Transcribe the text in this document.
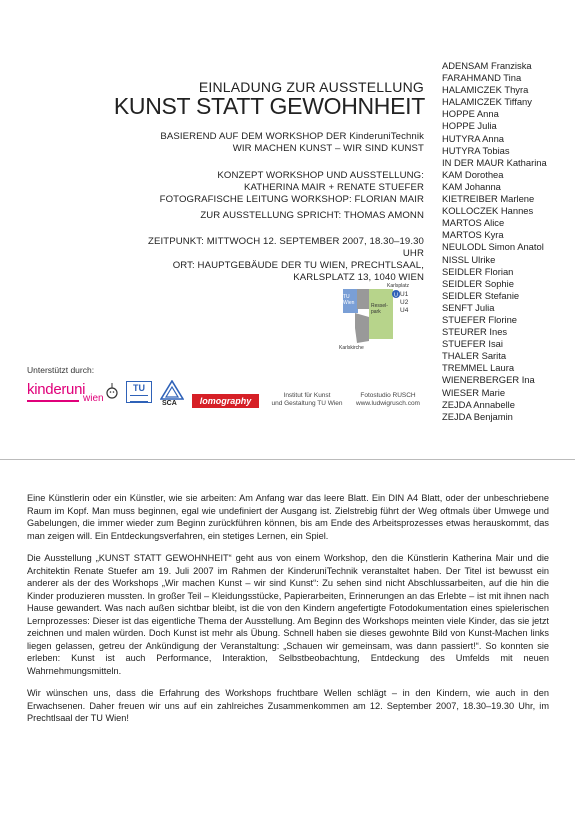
EINLADUNG ZUR AUSSTELLUNG
KUNST STATT GEWOHNHEIT
BASIEREND AUF DEM WORKSHOP DER KinderuniTechnik
WIR MACHEN KUNST – WIR SIND KUNST
KONZEPT WORKSHOP UND AUSSTELLUNG:
KATHERINA MAIR + RENATE STUEFER
FOTOGRAFISCHE LEITUNG WORKSHOP: FLORIAN MAIR
ZUR AUSSTELLUNG SPRICHT: THOMAS AMONN
ZEITPUNKT: MITTWOCH 12. SEPTEMBER 2007, 18.30–19.30 UHR
ORT: HAUPTGEBÄUDE DER TU WIEN, PRECHTLSAAL,
KARLSPLATZ 13, 1040 WIEN
U
Karlsplatz
TU Wien	Ressel-park
U1
U2
U4
Karlskirche
ADENSAM Franziska
FARAHMAND Tina
HALAMICZEK Thyra
HALAMICZEK Tiffany
HOPPE Anna
HOPPE Julia
HUTYRA Anna
HUTYRA Tobias
IN DER MAUR Katharina
KAM Dorothea
KAM Johanna
KIETREIBER Marlene
KOLLOCZEK Hannes
MARTOS Alice
MARTOS Kyra
NEULODL Simon Anatol
NISSL Ulrike
SEIDLER Florian
SEIDLER Sophie
SEIDLER Stefanie
SENFT Julia
STUEFER Florine
STEURER Ines
STUEFER Isai
THALER Sarita
TREMMEL Laura
WIENERBERGER Ina
WIESER Marie
ZEJDA Annabelle
ZEJDA Benjamin
Unterstützt durch:
kinderuni
wien
TU
SCA	lomography
Institut für Kunst
und Gestaltung TU Wien
Fotostudio RUSCH
www.ludwigrusch.com

Eine Künstlerin oder ein Künstler, wie sie arbeiten: Am Anfang war das leere Blatt. Ein DIN A4 Blatt, oder der unbeschriebene Raum im Kopf. Man muss beginnen, egal wie undefiniert der Ausgang ist. Zielstrebig führt der Weg oftmals über Umwege und Gabelungen, die immer wieder zum Beginn zurückführen können, bis am Ende des Arbeitsprozesses etwas herauskommt, das man zeigen will. Ein Entdeckungsverfahren, ein stetiges Lernen, ein Spiel.

Die Ausstellung „KUNST STATT GEWOHNHEIT“ geht aus von einem Workshop, den die Künstlerin Katherina Mair und die Architektin Renate Stuefer am 19. Juli 2007 im Rahmen der KinderuniTechnik veranstaltet haben. Der Titel ist bewusst ein anderer als der des Workshops „Wir machen Kunst – wir sind Kunst“: Zu sehen sind nicht Abschlussarbeiten, auf die hin die Kinder produzieren mussten. In großer Teil – Kleidungsstücke, Papierarbeiten, Erinnerungen an das Erlebte – ist mit ihnen nach Hause gewandert. Was nach außen sichtbar bleibt, ist die von den Kindern angefertigte Fotodokumentation eines spielerischen Lernprozesses: Dieser ist das eigentliche Thema der Ausstellung. Am Beginn des Workshops meinten viele Kinder, das sie jetzt zeichnen und malen würden. Doch Kunst ist mehr als Übung. Schnell haben sie dieses gewohnte Bild von Kunst-Machen links liegen gelassen, getreu der Ankündigung der Veranstaltung: „Schauen wir gemeinsam, was dann passiert!“. So konnten sie erleben: Kunst ist auch Performance, Interaktion, Selbstbeobachtung, Entdeckung des Umfelds mit neuen Wahrnehmungsmitteln.

Wir wünschen uns, dass die Erfahrung des Workshops fruchtbare Wellen schlägt – in den Kindern, wie auch in den Erwachsenen. Daher freuen wir uns auf ein zahlreiches Zusammenkommen am 12. September 2007, 18.30–19.30 Uhr, im Prechtlsaal der TU Wien!
